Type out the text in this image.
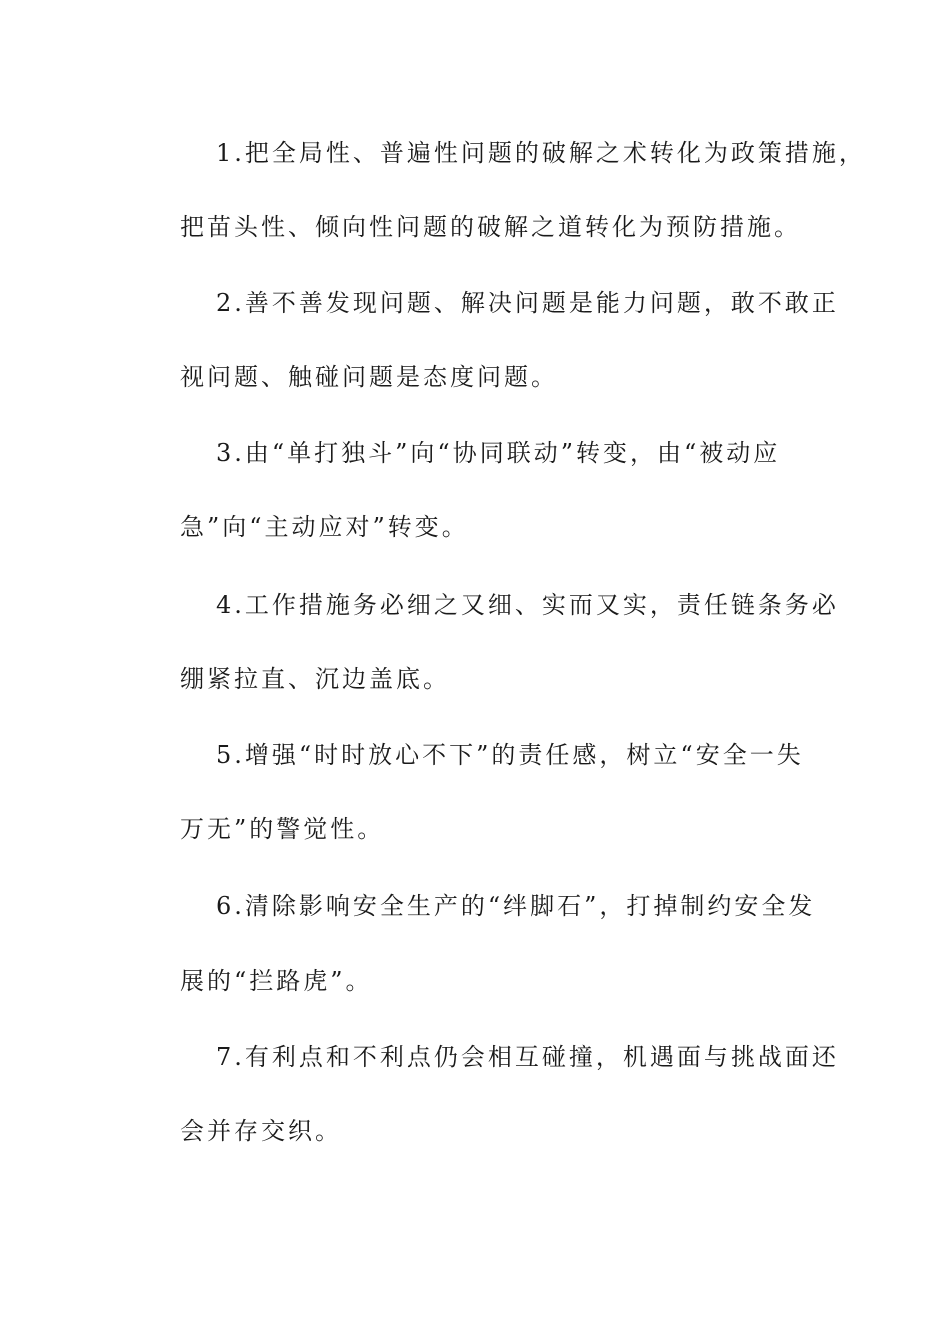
1.把全局性、普遍性问题的破解之术转化为政策措施，
把苗头性、倾向性问题的破解之道转化为预防措施。
2.善不善发现问题、解决问题是能力问题，敢不敢正
视问题、触碰问题是态度问题。
3.由“单打独斗”向“协同联动”转变，由“被动应
急”向“主动应对”转变。
4.工作措施务必细之又细、实而又实，责任链条务必
绷紧拉直、沉边盖底。
5.增强“时时放心不下”的责任感，树立“安全一失
万无”的警觉性。
6.清除影响安全生产的“绊脚石”，打掉制约安全发
展的“拦路虎”。
7.有利点和不利点仍会相互碰撞，机遇面与挑战面还
会并存交织。
